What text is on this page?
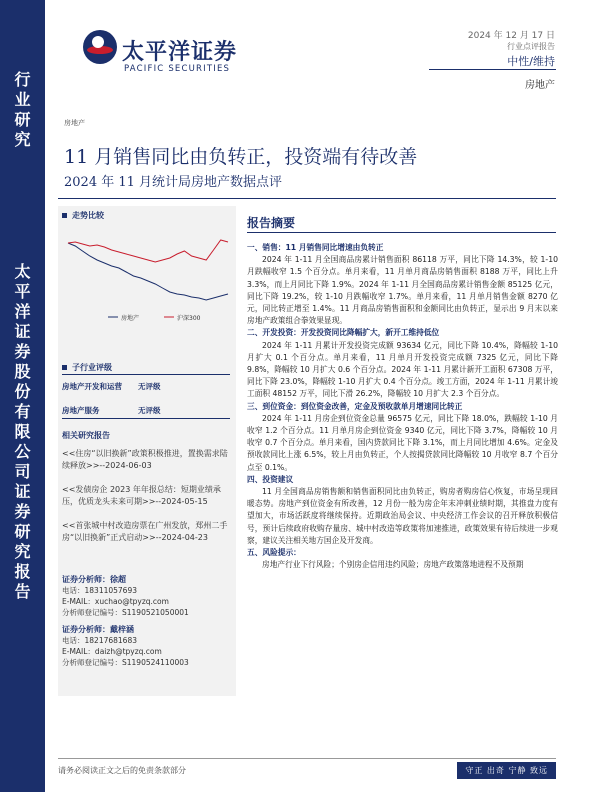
行
业
研
究
太
平
洋
证
券
股
份
有
限
公
司
证
券
研
究
报
告
太平洋证券
PACIFIC SECURITIES
2024 年 12 月 17 日
行业点评报告
中性/维持
房地产
房地产
11 月销售同比由负转正，投资端有待改善
2024 年 11 月统计局房地产数据点评
走势比较
房地产	沪深300
子行业评级
房地产开发和运营 无评级
房地产服务	无评级
相关研究报告
<<住房“以旧换新”政策积极推进，置换需求陆续释放>>--2024-06-03
<<发债房企 2023 年年报总结：短期业绩承压，优质龙头未来可期>>--2024-05-15
<<首张城中村改造房票在广州发放，郑州二手房“以旧换新”正式启动>>--2024-04-23
证券分析师：徐超
电话：18311057693
E-MAIL：xuchao@tpyzq.com
分析师登记编号：S1190521050001
证券分析师：戴梓涵
电话：18217681683
E-MAIL：daizh@tpyzq.com
分析师登记编号：S1190524110003
报告摘要
一、销售：11 月销售同比增速由负转正

2024 年 1-11 月全国商品房累计销售面积 86118 万平，同比下降 14.3%，较 1-10 月跌幅收窄 1.5 个百分点。单月来看，11 月单月商品房销售面积 8188 万平，同比上升 3.3%，而上月同比下降 1.9%。2024 年 1-11 月全国商品房累计销售金额 85125 亿元，同比下降 19.2%，较 1-10 月跌幅收窄 1.7%。单月来看，11 月单月销售金额 8270 亿元，同比转正增至 1.4%。11 月商品房销售面积和金额同比由负转正，显示出 9 月末以来房地产政策组合拳效果显现。

二、开发投资：开发投资同比降幅扩大，新开工维持低位

2024 年 1-11 月累计开发投资完成额 93634 亿元，同比下降 10.4%，降幅较 1-10 月扩大 0.1 个百分点。单月来看，11 月单月开发投资完成额 7325 亿元，同比下降 9.8%，降幅较 10 月扩大 0.6 个百分点。2024 年 1-11 月累计新开工面积 67308 万平，同比下降 23.0%，降幅较 1-10 月扩大 0.4 个百分点。竣工方面，2024 年 1-11 月累计竣工面积 48152 万平，同比下滑 26.2%，降幅较 10 月扩大 2.3 个百分点。

三、到位资金：到位资金改善，定金及预收款单月增速同比转正

2024 年 1-11 月房企到位资金总量 96575 亿元，同比下降 18.0%，跌幅较 1-10 月收窄 1.2 个百分点。11 月单月房企到位资金 9340 亿元，同比下降 3.7%，降幅较 10 月收窄 0.7 个百分点。单月来看，国内贷款同比下降 3.1%，而上月同比增加 4.6%。定金及预收款同比上涨 6.5%，较上月由负转正，个人按揭贷款同比降幅较 10 月收窄 8.7 个百分点至 0.1%。

四、投资建议

11 月全国商品房销售额和销售面积同比由负转正，购房者购房信心恢复，市场呈现回暖态势。房地产到位资金有所改善，12 月份一般为房企年末冲刺业绩时期，其推盘力度有望加大，市场活跃度将继续保持。近期政治局会议、中央经济工作会议的召开释放积极信号，预计后续政府收购存量房、城中村改造等政策将加速推进，政策效果有待后续进一步观察，建议关注相关地方国企及开发商。

五、风险提示：

房地产行业下行风险；个别房企信用违约风险；房地产政策落地进程不及预期

请务必阅读正文之后的免责条款部分	守正 出奇 宁静 致远
